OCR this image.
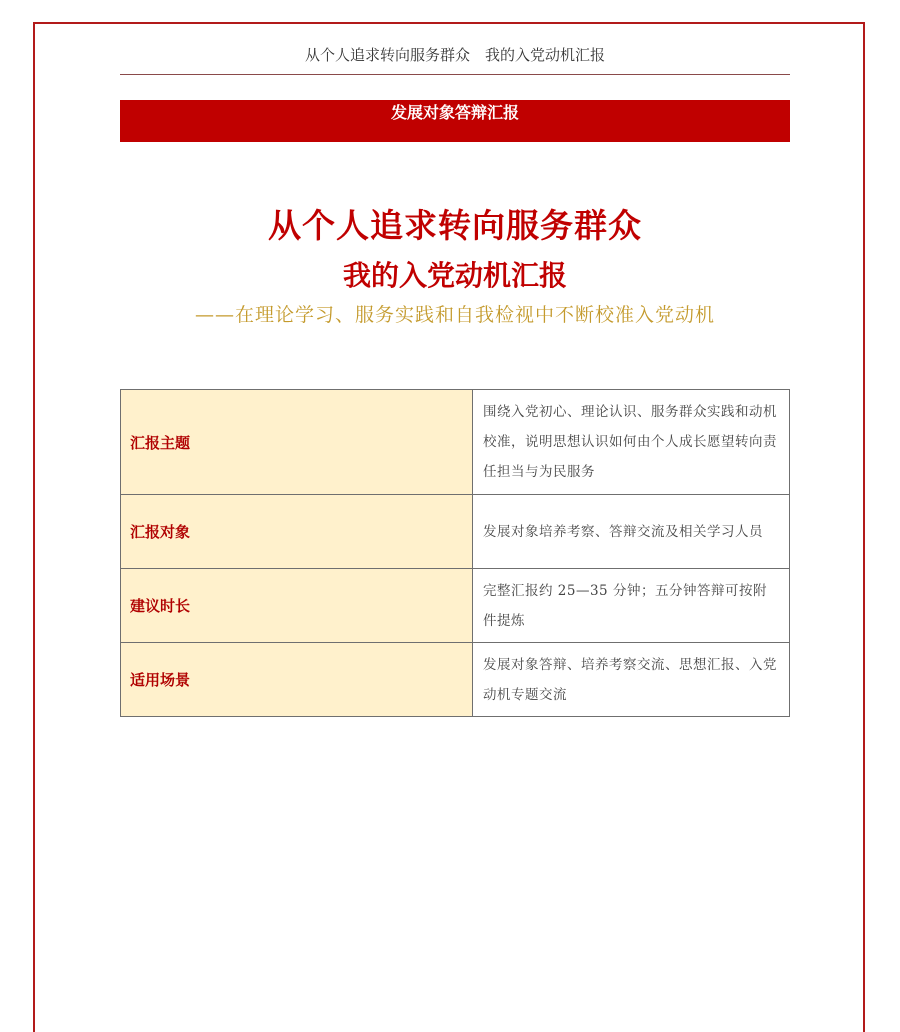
从个人追求转向服务群众　我的入党动机汇报
发展对象答辩汇报
从个人追求转向服务群众
我的入党动机汇报
——在理论学习、服务实践和自我检视中不断校准入党动机
汇报主题	围绕入党初心、理论认识、服务群众实践和动机校准，说明思想认识如何由个人成长愿望转向责任担当与为民服务
汇报对象	发展对象培养考察、答辩交流及相关学习人员
建议时长	完整汇报约 25—35 分钟；五分钟答辩可按附件提炼
适用场景	发展对象答辩、培养考察交流、思想汇报、入党动机专题交流
